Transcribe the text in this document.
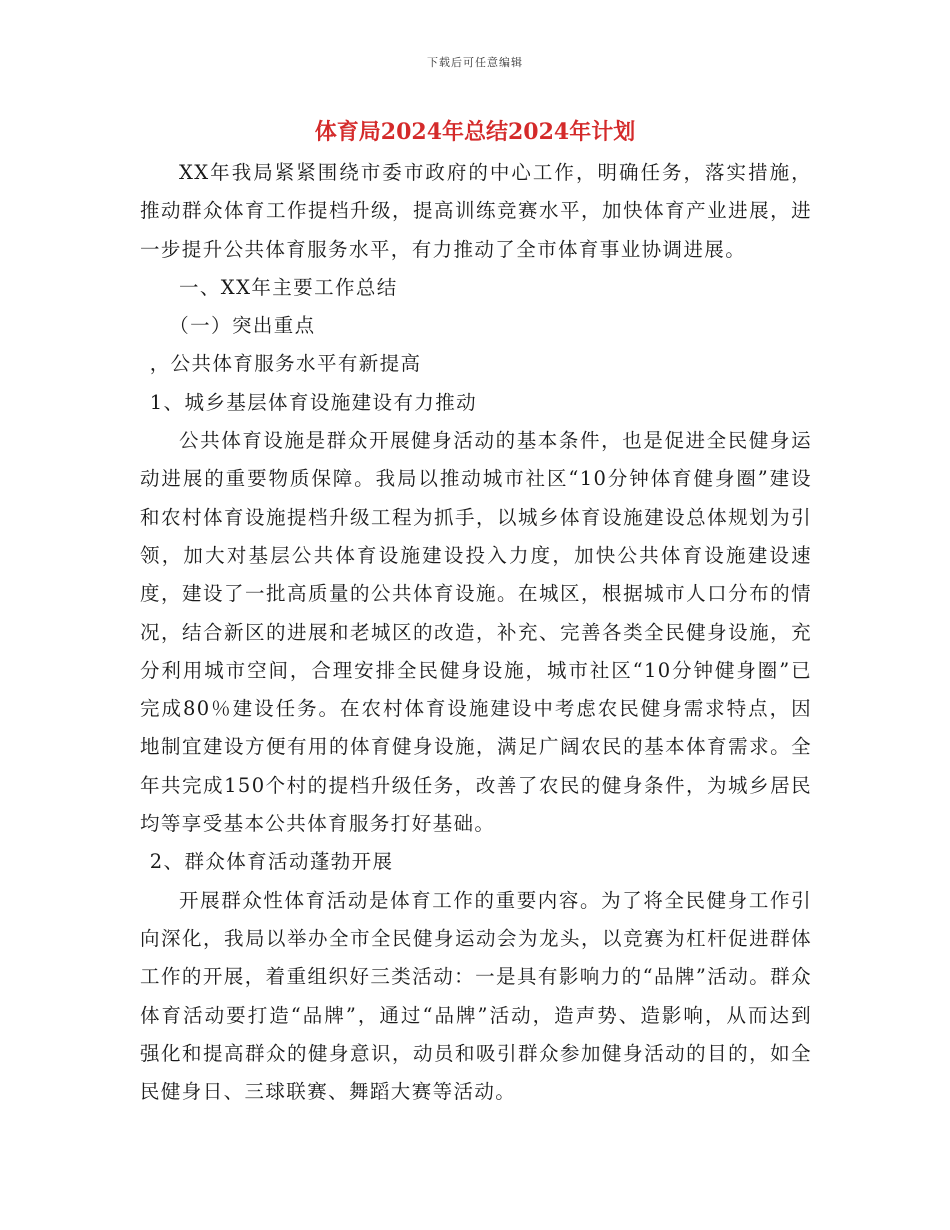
下载后可任意编辑
体育局2024年总结2024年计划

XX年我局紧紧围绕市委市政府的中心工作，明确任务，落实措施，推动群众体育工作提档升级，提高训练竞赛水平，加快体育产业进展，进一步提升公共体育服务水平，有力推动了全市体育事业协调进展。

一、XX年主要工作总结

（一）突出重点

，公共体育服务水平有新提高

1、城乡基层体育设施建设有力推动

公共体育设施是群众开展健身活动的基本条件，也是促进全民健身运动进展的重要物质保障。我局以推动城市社区“10分钟体育健身圈”建设和农村体育设施提档升级工程为抓手，以城乡体育设施建设总体规划为引领，加大对基层公共体育设施建设投入力度，加快公共体育设施建设速度，建设了一批高质量的公共体育设施。在城区，根据城市人口分布的情况，结合新区的进展和老城区的改造，补充、完善各类全民健身设施，充分利用城市空间，合理安排全民健身设施，城市社区“10分钟健身圈”已完成80％建设任务。在农村体育设施建设中考虑农民健身需求特点，因地制宜建设方便有用的体育健身设施，满足广阔农民的基本体育需求。全年共完成150个村的提档升级任务，改善了农民的健身条件，为城乡居民均等享受基本公共体育服务打好基础。

2、群众体育活动蓬勃开展

开展群众性体育活动是体育工作的重要内容。为了将全民健身工作引向深化，我局以举办全市全民健身运动会为龙头，以竞赛为杠杆促进群体工作的开展，着重组织好三类活动：一是具有影响力的“品牌”活动。群众体育活动要打造“品牌”，通过“品牌”活动，造声势、造影响，从而达到强化和提高群众的健身意识，动员和吸引群众参加健身活动的目的，如全民健身日、三球联赛、舞蹈大赛等活动。
